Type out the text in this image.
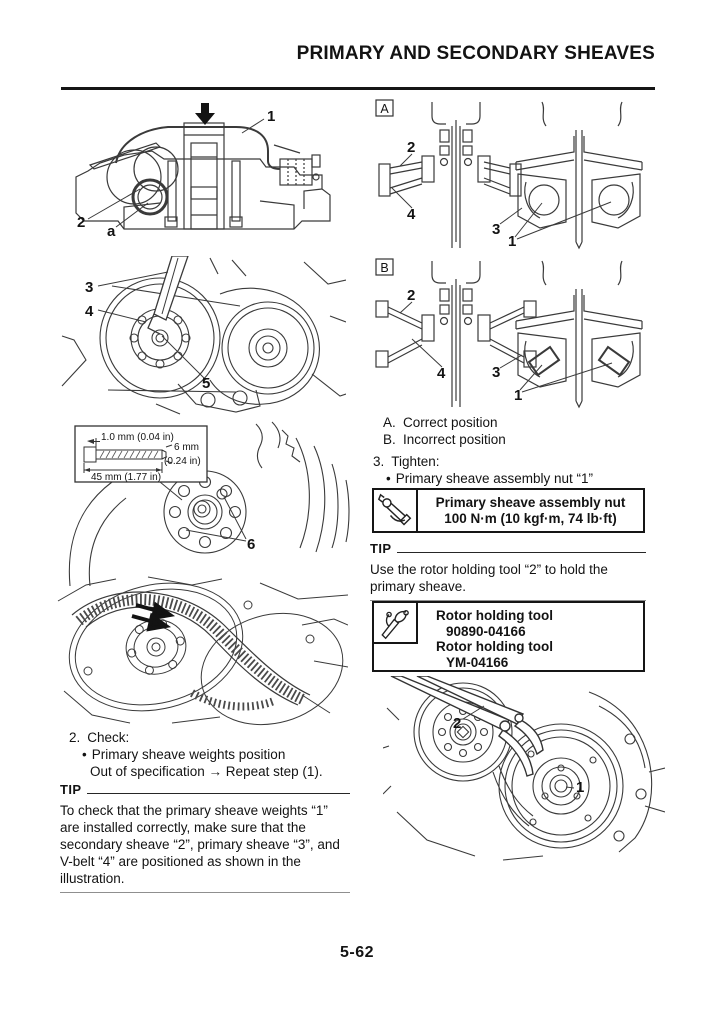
PRIMARY AND SECONDARY SHEAVES
1
2
a
3
4
5
6
1.0 mm (0.04 in)
6 mm
(0.24 in)
45 mm (1.77 in)
2. Check:
• Primary sheave weights position
Out of specification → Repeat step (1).
TIP
To check that the primary sheave weights “1” are installed correctly, make sure that the secondary sheave “2”, primary sheave “3”, and V-belt “4” are positioned as shown in the illustration.
A
2
4
3
1
B
2
4	3
1
A. Correct position
B. Incorrect position
3. Tighten:
• Primary sheave assembly nut “1”
Primary sheave assembly nut
100 N·m (10 kgf·m, 74 lb·ft)
TIP
Use the rotor holding tool “2” to hold the primary sheave.
Rotor holding tool
90890-04166
Rotor holding tool
YM-04166
2
1
5-62
